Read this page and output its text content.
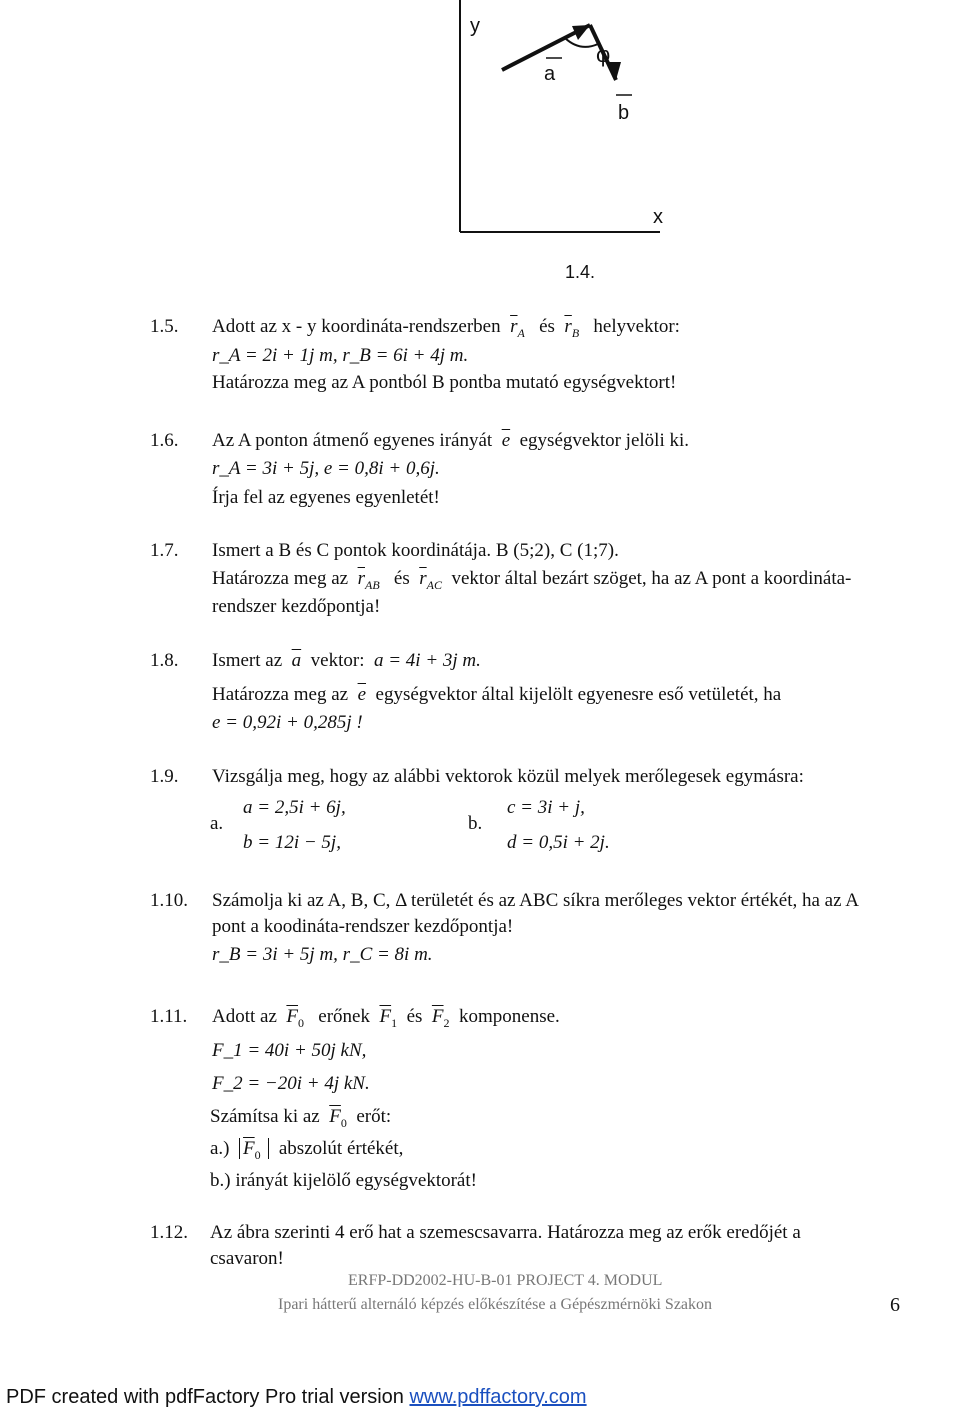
y
x
a
b
φ
1.4.
1.5. Adott az x - y koordináta-rendszerben $\overline{r}_A$ és $\overline{r}_B$ helyvektor:
r_A = 2i + 1j m, r_B = 6i + 4j m.
Határozza meg az A pontból B pontba mutató egységvektort!
1.6. Az A ponton átmenő egyenes irányát $\overline{e}$ egységvektor jelöli ki.
r_A = 3i + 5j, e = 0,8i + 0,6j.
Írja fel az egyenes egyenletét!
1.7. Ismert a B és C pontok koordinátája. B (5;2), C (1;7).
Határozza meg az $\overline{r}_{AB}$ és $\overline{r}_{AC}$ vektor által bezárt szöget, ha az A pont a koordináta-
rendszer kezdőpontja!
1.8. Ismert az $\overline{a}$ vektor: a = 4i + 3j m.
Határozza meg az $\overline{e}$ egységvektor által kijelölt egyenesre eső vetületét, ha
e = 0,92i + 0,285j !
1.9. Vizsgálja meg, hogy az alábbi vektorok közül melyek merőlegesek egymásra:
a.
a = 2,5i + 6j,
b = 12i − 5j,
b.
c = 3i + j,
d = 0,5i + 2j.
1.10. Számolja ki az A, B, C, Δ területét és az ABC síkra merőleges vektor értékét, ha az A
pont a koodináta-rendszer kezdőpontja!
r_B = 3i + 5j m, r_C = 8i m.
1.11. Adott az $\overline{F}_0$ erőnek $\overline{F}_1$ és $\overline{F}_2$ komponense.
F_1 = 40i + 50j kN,
F_2 = −20i + 4j kN.
Számítsa ki az $\overline{F}_0$ erőt:
a.) $\overline{F}_0$ abszolút értékét,
b.) irányát kijelölő egységvektorát!
1.12. Az ábra szerinti 4 erő hat a szemescsavarra. Határozza meg az erők eredőjét a
csavaron!
ERFP-DD2002-HU-B-01 PROJECT 4. MODUL
Ipari hátterű alternáló képzés előkészítése a Gépészmérnöki Szakon	6
PDF created with pdfFactory Pro trial version www.pdffactory.com
